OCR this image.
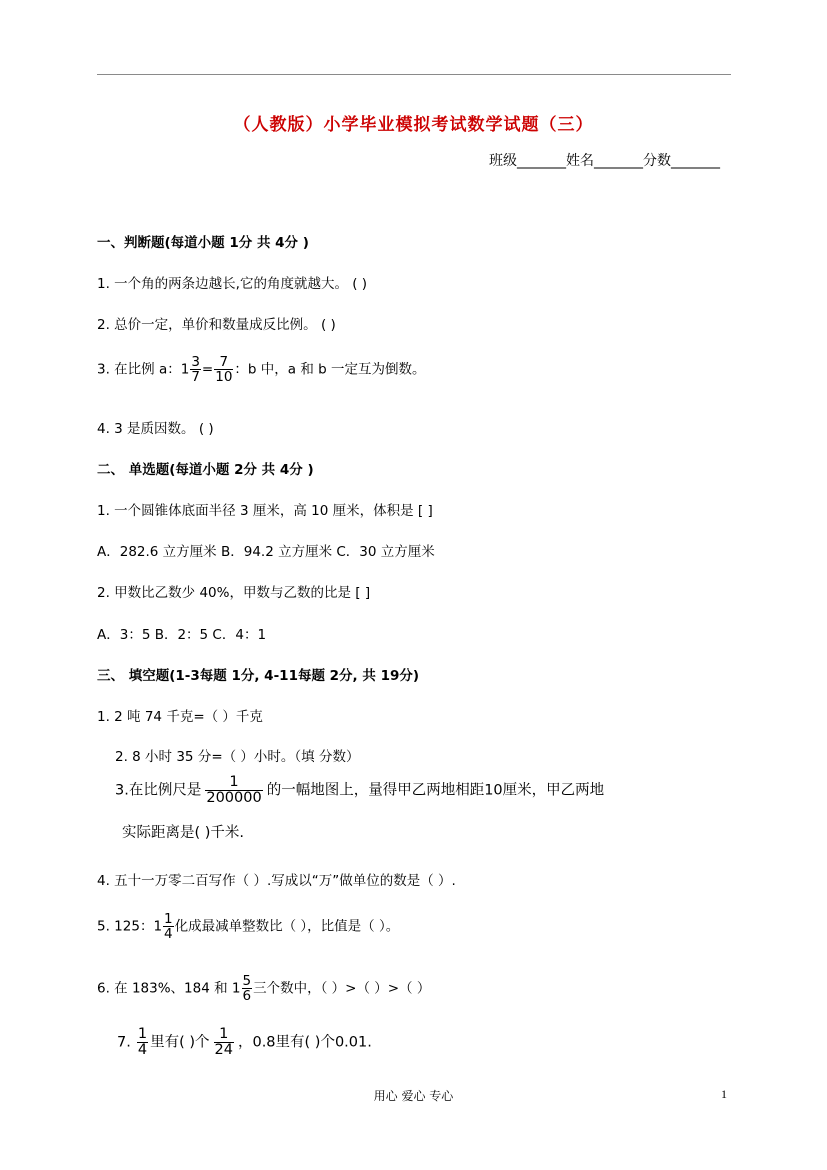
（人教版）小学毕业模拟考试数学试题（三）
班级_______姓名_______分数_______
一、判断题(每道小题 1分 共 4分 )
1. 一个角的两条边越长,它的角度就越大。 ( )
2. 总价一定，单价和数量成反比例。 ( )
3. 在比例 a：$1 \frac{3}{7} = \frac{7}{10}$ ：b 中，a 和 b 一定互为倒数。
4. 3 是质因数。 ( )
二、 单选题(每道小题 2分 共 4分 )
1. 一个圆锥体底面半径 3 厘米，高 10 厘米，体积是 [ ]
A．282.6 立方厘米 B．94.2 立方厘米 C．30 立方厘米
2. 甲数比乙数少 40%，甲数与乙数的比是 [ ]
A．3：5 B．2：5 C．4：1
三、 填空题(1-3每题 1分, 4-11每题 2分, 共 19分)
1. 2 吨 74 千克=（ ）千克
2. 8 小时 35 分=（ ）小时。（填 分数）
3.在比例尺是 $\frac{1}{200000}$ 的一幅地图上，量得甲乙两地相距10厘米，甲乙两地
实际距离是( )千米.
4. 五十一万零二百写作（ ）.写成以“万”做单位的数是（ ）.
5. 125：$1 \frac{1}{4}$ 化成最减单整数比（ ），比值是（ ）。
6. 在 183%、184 和 $1 \frac{5}{6}$ 三个数中，（ ）>（ ）>（ ）
7. $\frac{1}{4}$ 里有( )个 $\frac{1}{24}$ ，0.8里有( )个0.01.
用心 爱心 专心	1
